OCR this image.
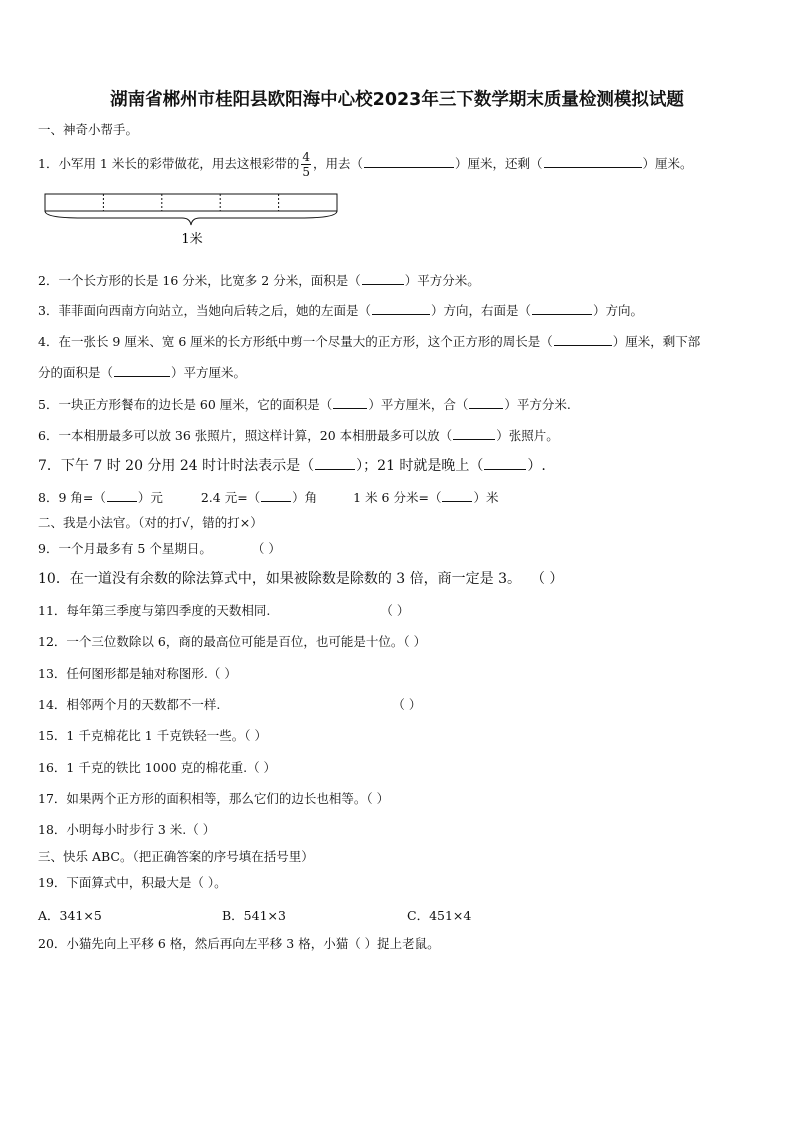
湖南省郴州市桂阳县欧阳海中心校2023年三下数学期末质量检测模拟试题
一、神奇小帮手。
1．小军用 1 米长的彩带做花，用去这根彩带的 $\frac{4}{5}$ ，用去（	）厘米，还剩（	）厘米。
1米
2．一个长方形的长是 16 分米，比宽多 2 分米，面积是（	）平方分米。
3．菲菲面向西南方向站立，当她向后转之后，她的左面是（	）方向，右面是（	）方向。
4．在一张长 9 厘米、宽 6 厘米的长方形纸中剪一个尽量大的正方形，这个正方形的周长是（	）厘米，剩下部
分的面积是（	）平方厘米。
5．一块正方形餐布的边长是 60 厘米，它的面积是（	）平方厘米，合（	）平方分米.
6．一本相册最多可以放 36 张照片，照这样计算，20 本相册最多可以放（	）张照片。
7．下午 7 时 20 分用 24 时计时法表示是（	）；21 时就是晚上（	）.
8．9 角=（	）元	2.4 元=（	）角	1 米 6 分米=（	）米
二、我是小法官。（对的打√，错的打×）
9．一个月最多有 5 个星期日。	（ ）
10．在一道没有余数的除法算式中，如果被除数是除数的 3 倍，商一定是 3。 （ ）
11．每年第三季度与第四季度的天数相同.	（ ）
12．一个三位数除以 6，商的最高位可能是百位，也可能是十位。（ ）
13．任何图形都是轴对称图形.（ ）
14．相邻两个月的天数都不一样.	（ ）
15．1 千克棉花比 1 千克铁轻一些。（ ）
16．1 千克的铁比 1000 克的棉花重.（ ）
17．如果两个正方形的面积相等，那么它们的边长也相等。（ ）
18．小明每小时步行 3 米.（ ）
三、快乐 ABC。（把正确答案的序号填在括号里）
19．下面算式中，积最大是（ ）。
A．341×5	B．541×3	C．451×4
20．小猫先向上平移 6 格，然后再向左平移 3 格，小猫（ ）捉上老鼠。
